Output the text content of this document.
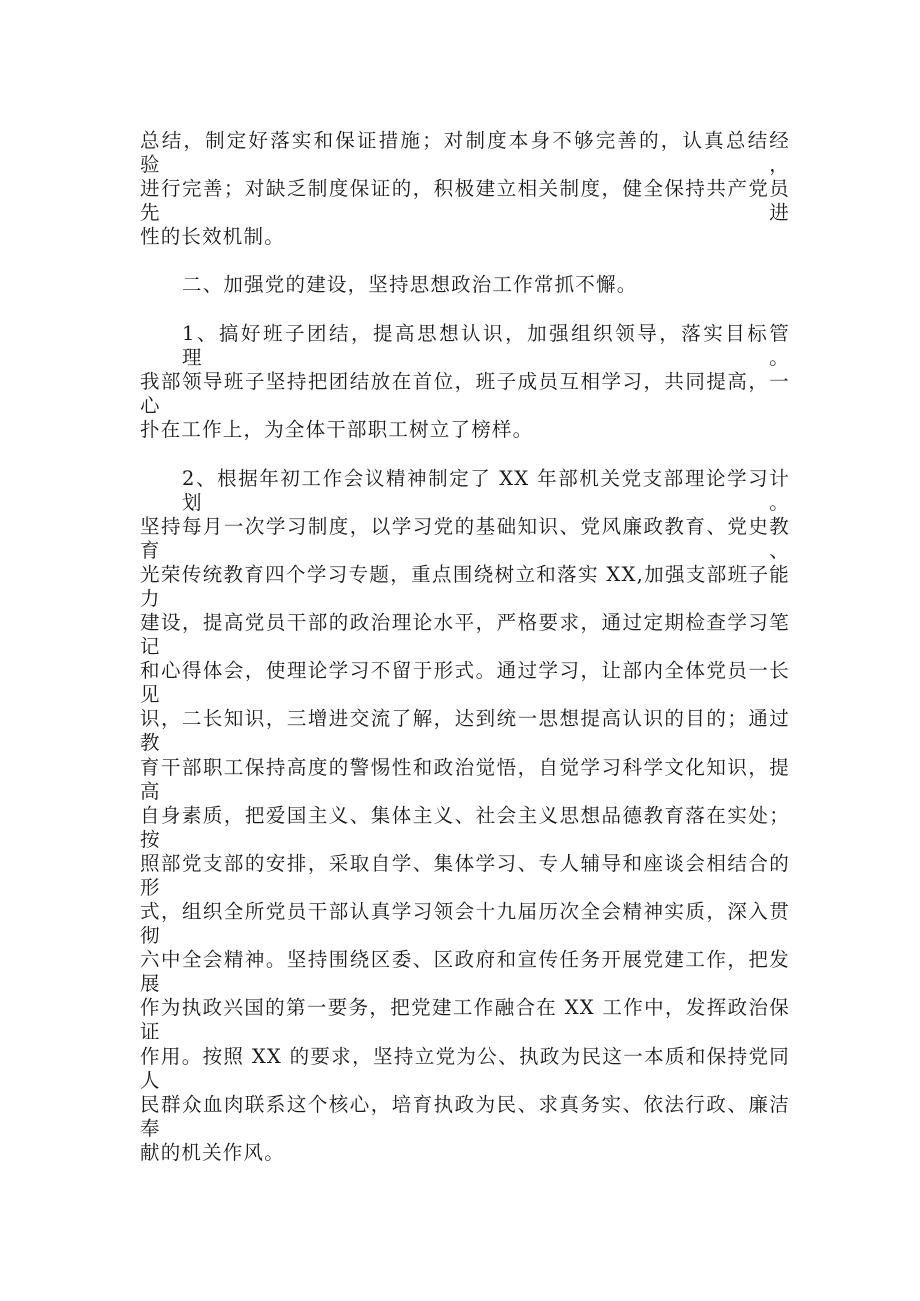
总结，制定好落实和保证措施；对制度本身不够完善的，认真总结经验，
进行完善；对缺乏制度保证的，积极建立相关制度，健全保持共产党员先进
性的长效机制。
二、加强党的建设，坚持思想政治工作常抓不懈。
1、搞好班子团结，提高思想认识，加强组织领导，落实目标管理。
我部领导班子坚持把团结放在首位，班子成员互相学习，共同提高，一心
扑在工作上，为全体干部职工树立了榜样。
2、根据年初工作会议精神制定了 XX 年部机关党支部理论学习计划。
坚持每月一次学习制度，以学习党的基础知识、党风廉政教育、党史教育、
光荣传统教育四个学习专题，重点围绕树立和落实 XX,加强支部班子能力
建设，提高党员干部的政治理论水平，严格要求，通过定期检查学习笔记
和心得体会，使理论学习不留于形式。通过学习，让部内全体党员一长见
识，二长知识，三增进交流了解，达到统一思想提高认识的目的；通过教
育干部职工保持高度的警惕性和政治觉悟，自觉学习科学文化知识，提高
自身素质，把爱国主义、集体主义、社会主义思想品德教育落在实处；按
照部党支部的安排，采取自学、集体学习、专人辅导和座谈会相结合的形
式，组织全所党员干部认真学习领会十九届历次全会精神实质，深入贯彻
六中全会精神。坚持围绕区委、区政府和宣传任务开展党建工作，把发展
作为执政兴国的第一要务，把党建工作融合在 XX 工作中，发挥政治保证
作用。按照 XX 的要求，坚持立党为公、执政为民这一本质和保持党同人
民群众血肉联系这个核心，培育执政为民、求真务实、依法行政、廉洁奉
献的机关作风。
